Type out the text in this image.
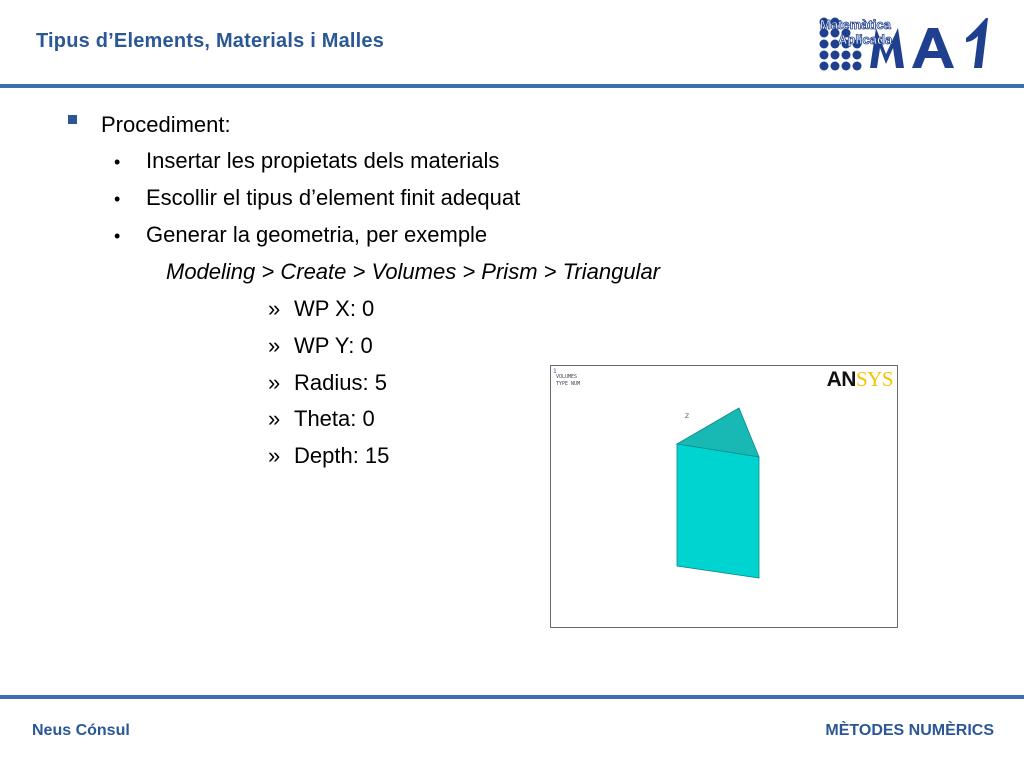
Tipus d’Elements, Materials i Malles
Matemàtica
Aplicada
Procediment:
• Insertar les propietats dels materials
• Escollir el tipus d’element finit adequat
• Generar la geometria, per exemple
Modeling > Create > Volumes > Prism > Triangular
» WP X: 0
» WP Y: 0
» Radius: 5
» Theta: 0
» Depth: 15
1
VOLUMES
TYPE NUM	ANSYS
Z
Neus Cónsul	MÈTODES NUMÈRICS
